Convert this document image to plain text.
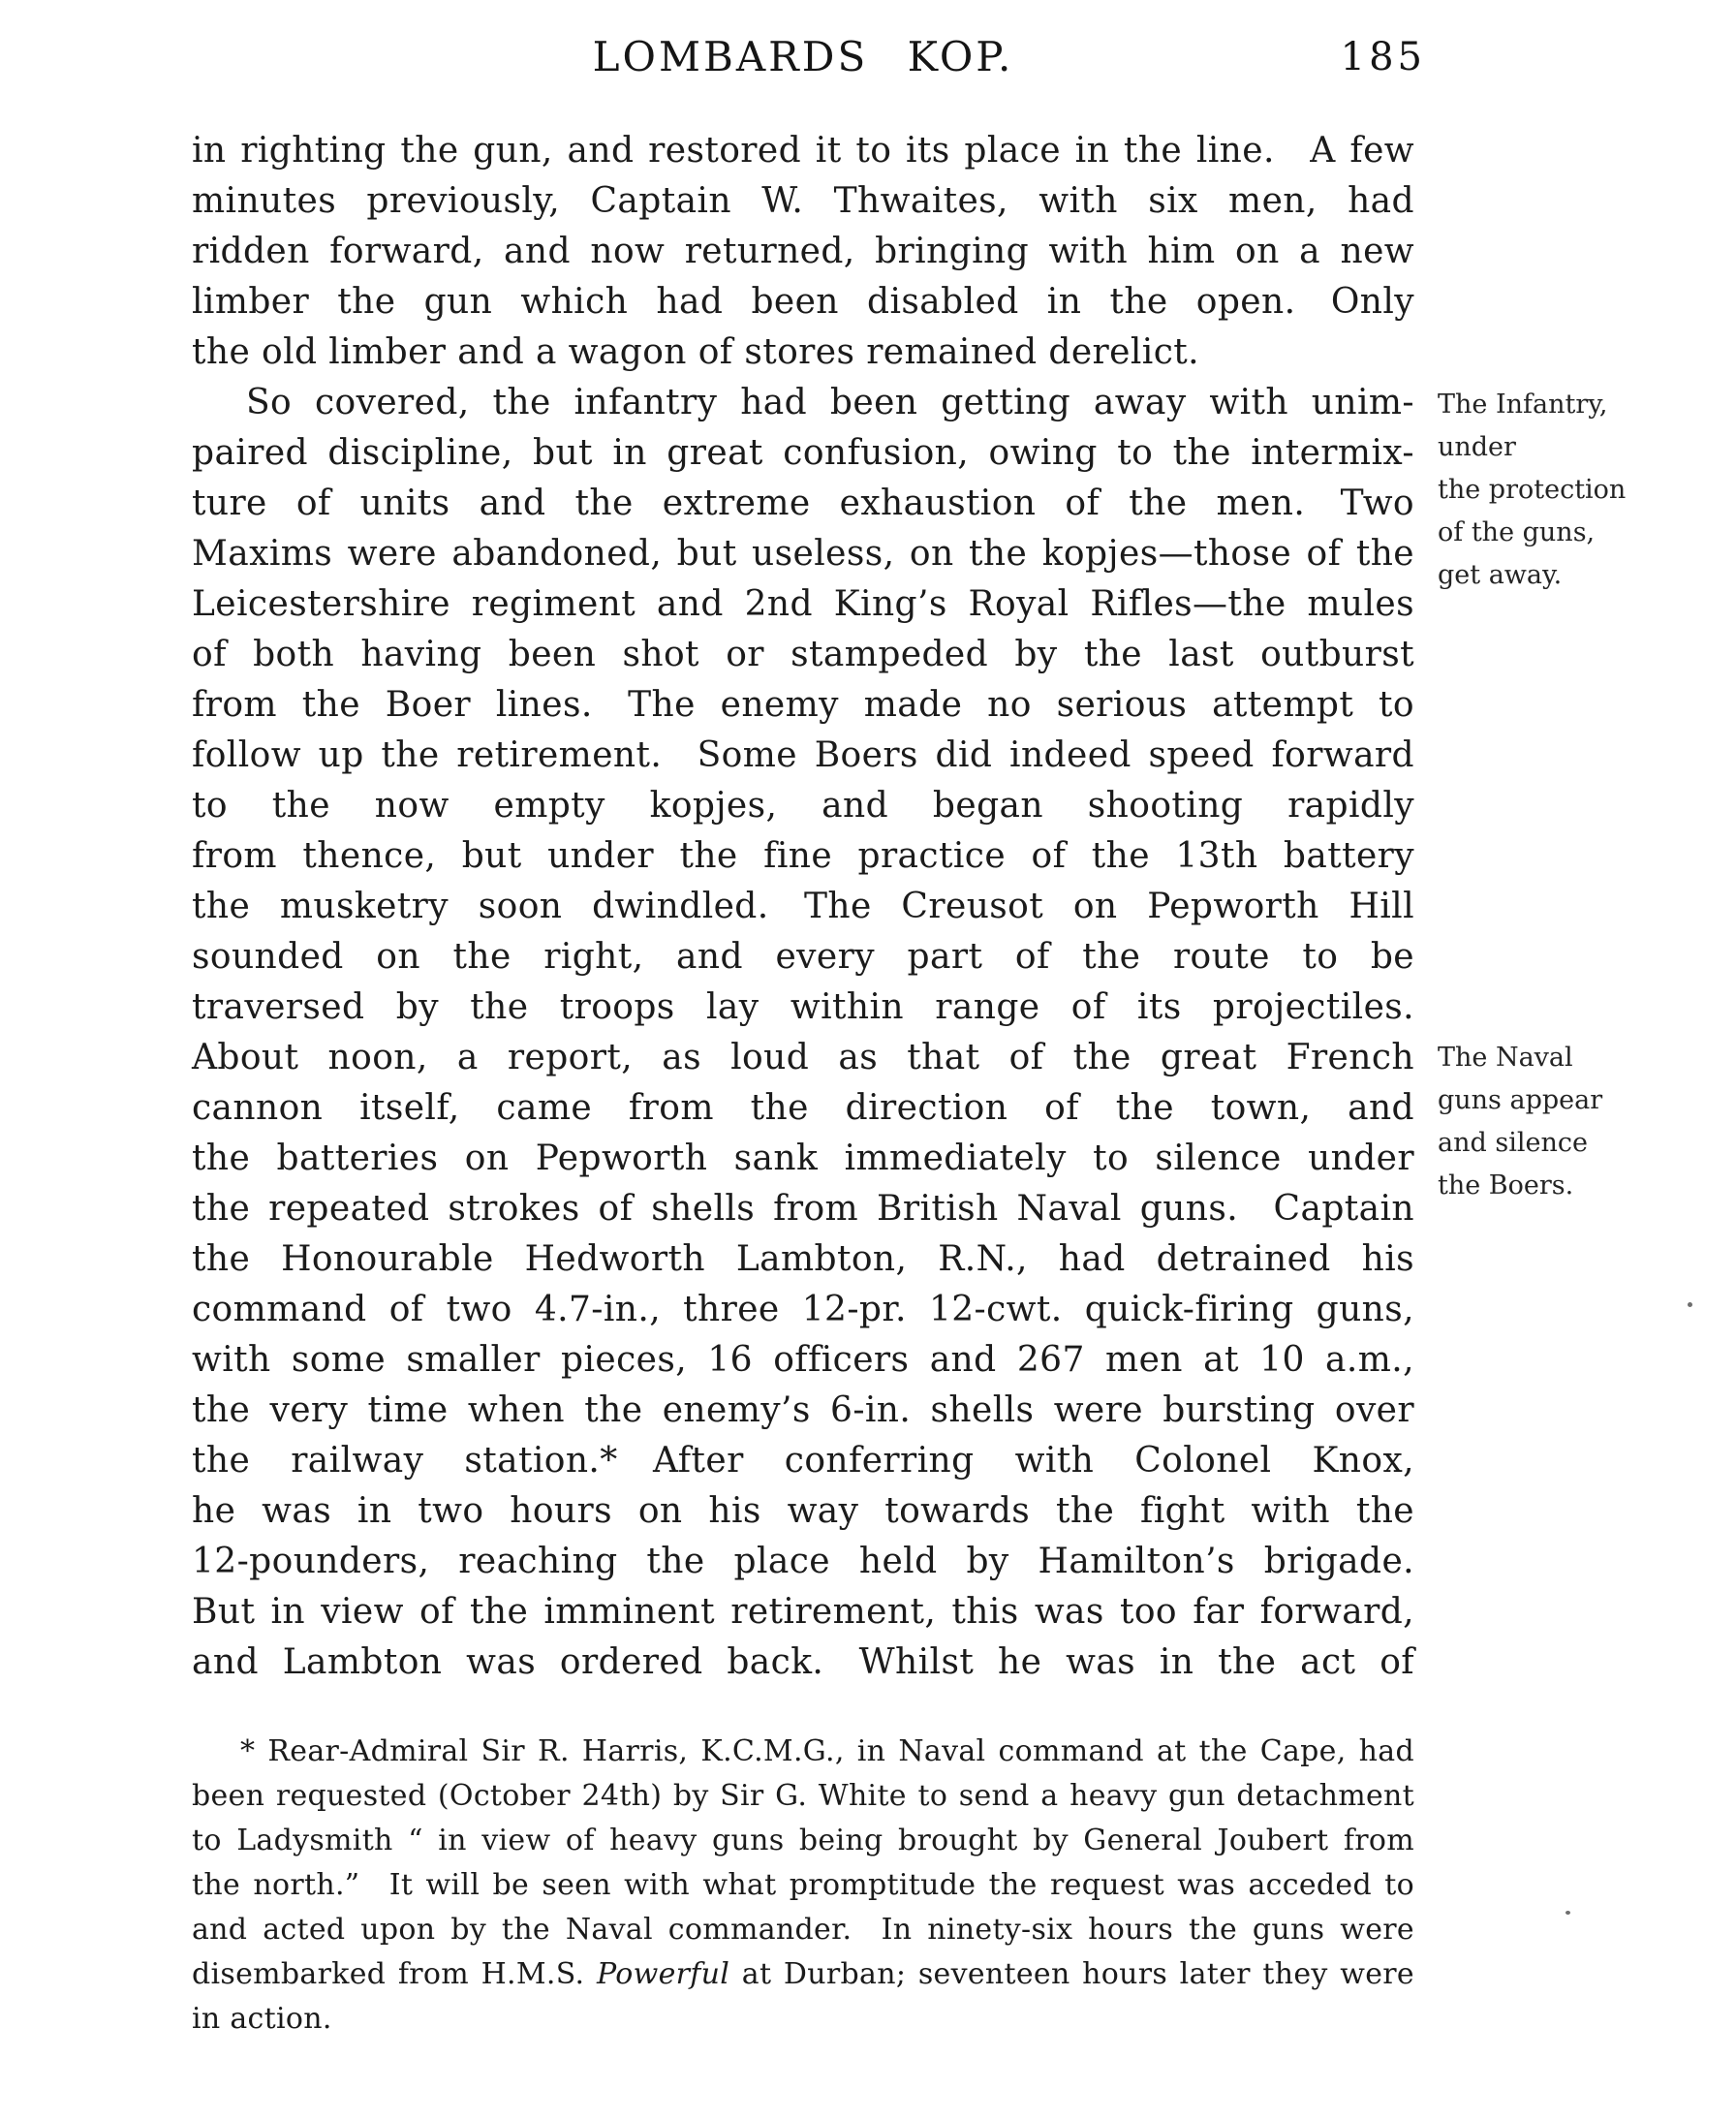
LOMBARDS KOP.	185
in righting the gun, and restored it to its place in the line. A few
minutes previously, Captain W. Thwaites, with six men, had
ridden forward, and now returned, bringing with him on a new
limber the gun which had been disabled in the open. Only
the old limber and a wagon of stores remained derelict.
So covered, the infantry had been getting away with unim-
paired discipline, but in great confusion, owing to the intermix-
ture of units and the extreme exhaustion of the men. Two
Maxims were abandoned, but useless, on the kopjes—those of the
Leicestershire regiment and 2nd King’s Royal Rifles—the mules
of both having been shot or stampeded by the last outburst
from the Boer lines. The enemy made no serious attempt to
follow up the retirement. Some Boers did indeed speed forward
to the now empty kopjes, and began shooting rapidly
from thence, but under the fine practice of the 13th battery
the musketry soon dwindled. The Creusot on Pepworth Hill
sounded on the right, and every part of the route to be
traversed by the troops lay within range of its projectiles.
About noon, a report, as loud as that of the great French
cannon itself, came from the direction of the town, and
the batteries on Pepworth sank immediately to silence under
the repeated strokes of shells from British Naval guns. Captain
the Honourable Hedworth Lambton, R.N., had detrained his
command of two 4.7-in., three 12-pr. 12-cwt. quick-firing guns,
with some smaller pieces, 16 officers and 267 men at 10 a.m.,
the very time when the enemy’s 6-in. shells were bursting over
the railway station.* After conferring with Colonel Knox,
he was in two hours on his way towards the fight with the
12-pounders, reaching the place held by Hamilton’s brigade.
But in view of the imminent retirement, this was too far forward,
and Lambton was ordered back. Whilst he was in the act of
The Infantry,
under
the protection
of the guns,
get away.
The Naval
guns appear
and silence
the Boers.
* Rear-Admiral Sir R. Harris, K.C.M.G., in Naval command at the Cape, had
been requested (October 24th) by Sir G. White to send a heavy gun detachment
to Ladysmith “ in view of heavy guns being brought by General Joubert from
the north.” It will be seen with what promptitude the request was acceded to
and acted upon by the Naval commander. In ninety-six hours the guns were
disembarked from H.M.S. Powerful at Durban; seventeen hours later they were
in action.
